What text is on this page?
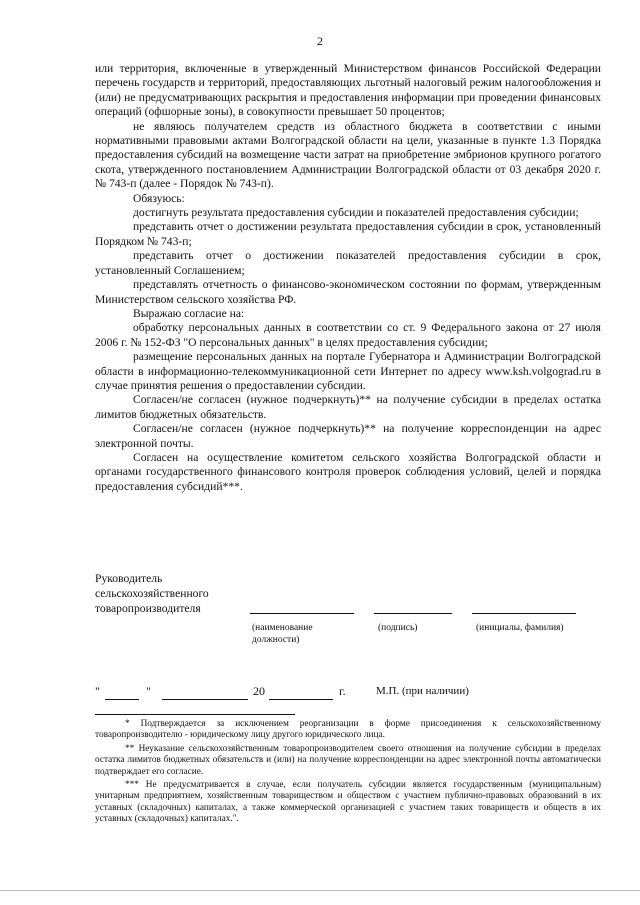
2

или территория, включенные в утвержденный Министерством финансов Российской Федерации перечень государств и территорий, предоставляющих льготный налоговый режим налогообложения и (или) не предусматривающих раскрытия и предоставления информации при проведении финансовых операций (офшорные зоны), в совокупности превышает 50 процентов;

не являюсь получателем средств из областного бюджета в соответствии с иными нормативными правовыми актами Волгоградской области на цели, указанные в пункте 1.3 Порядка предоставления субсидий на возмещение части затрат на приобретение эмбрионов крупного рогатого скота, утвержденного постановлением Администрации Волгоградской области от 03 декабря 2020 г. № 743-п (далее - Порядок № 743-п).

Обязуюсь:

достигнуть результата предоставления субсидии и показателей предоставления субсидии;

представить отчет о достижении результата предоставления субсидии в срок, установленный Порядком № 743-п;

представить отчет о достижении показателей предоставления субсидии в срок, установленный Соглашением;

представлять отчетность о финансово-экономическом состоянии по формам, утвержденным Министерством сельского хозяйства РФ.

Выражаю согласие на:

обработку персональных данных в соответствии со ст. 9 Федерального закона от 27 июля 2006 г. № 152-ФЗ "О персональных данных" в целях предоставления субсидии;

размещение персональных данных на портале Губернатора и Администрации Волгоградской области в информационно-телекоммуникационной сети Интернет по адресу www.ksh.volgograd.ru в случае принятия решения о предоставлении субсидии.

Согласен/не согласен (нужное подчеркнуть)** на получение субсидии в пределах остатка лимитов бюджетных обязательств.

Согласен/не согласен (нужное подчеркнуть)** на получение корреспонденции на адрес электронной почты.

Согласен на осуществление комитетом сельского хозяйства Волгоградской области и органами государственного финансового контроля проверок соблюдения условий, целей и порядка предоставления субсидий***.

Руководитель
сельскохозяйственного
товаропроизводителя
(наименование должности)
(подпись)	(инициалы, фамилия)
"	"	20	г.	М.П. (при наличии)

* Подтверждается за исключением реорганизации в форме присоединения к сельскохозяйственному товаропроизводителю - юридическому лицу другого юридического лица.

** Неуказание сельскохозяйственным товаропроизводителем своего отношения на получение субсидии в пределах остатка лимитов бюджетных обязательств и (или) на получение корреспонденции на адрес электронной почты автоматически подтверждает его согласие.

*** Не предусматривается в случае, если получатель субсидии является государственным (муниципальным) унитарным предприятием, хозяйственным товариществом и обществом с участием публично-правовых образований в их уставных (складочных) капиталах, а также коммерческой организацией с участием таких товариществ и обществ в их уставных (складочных) капиталах.".
